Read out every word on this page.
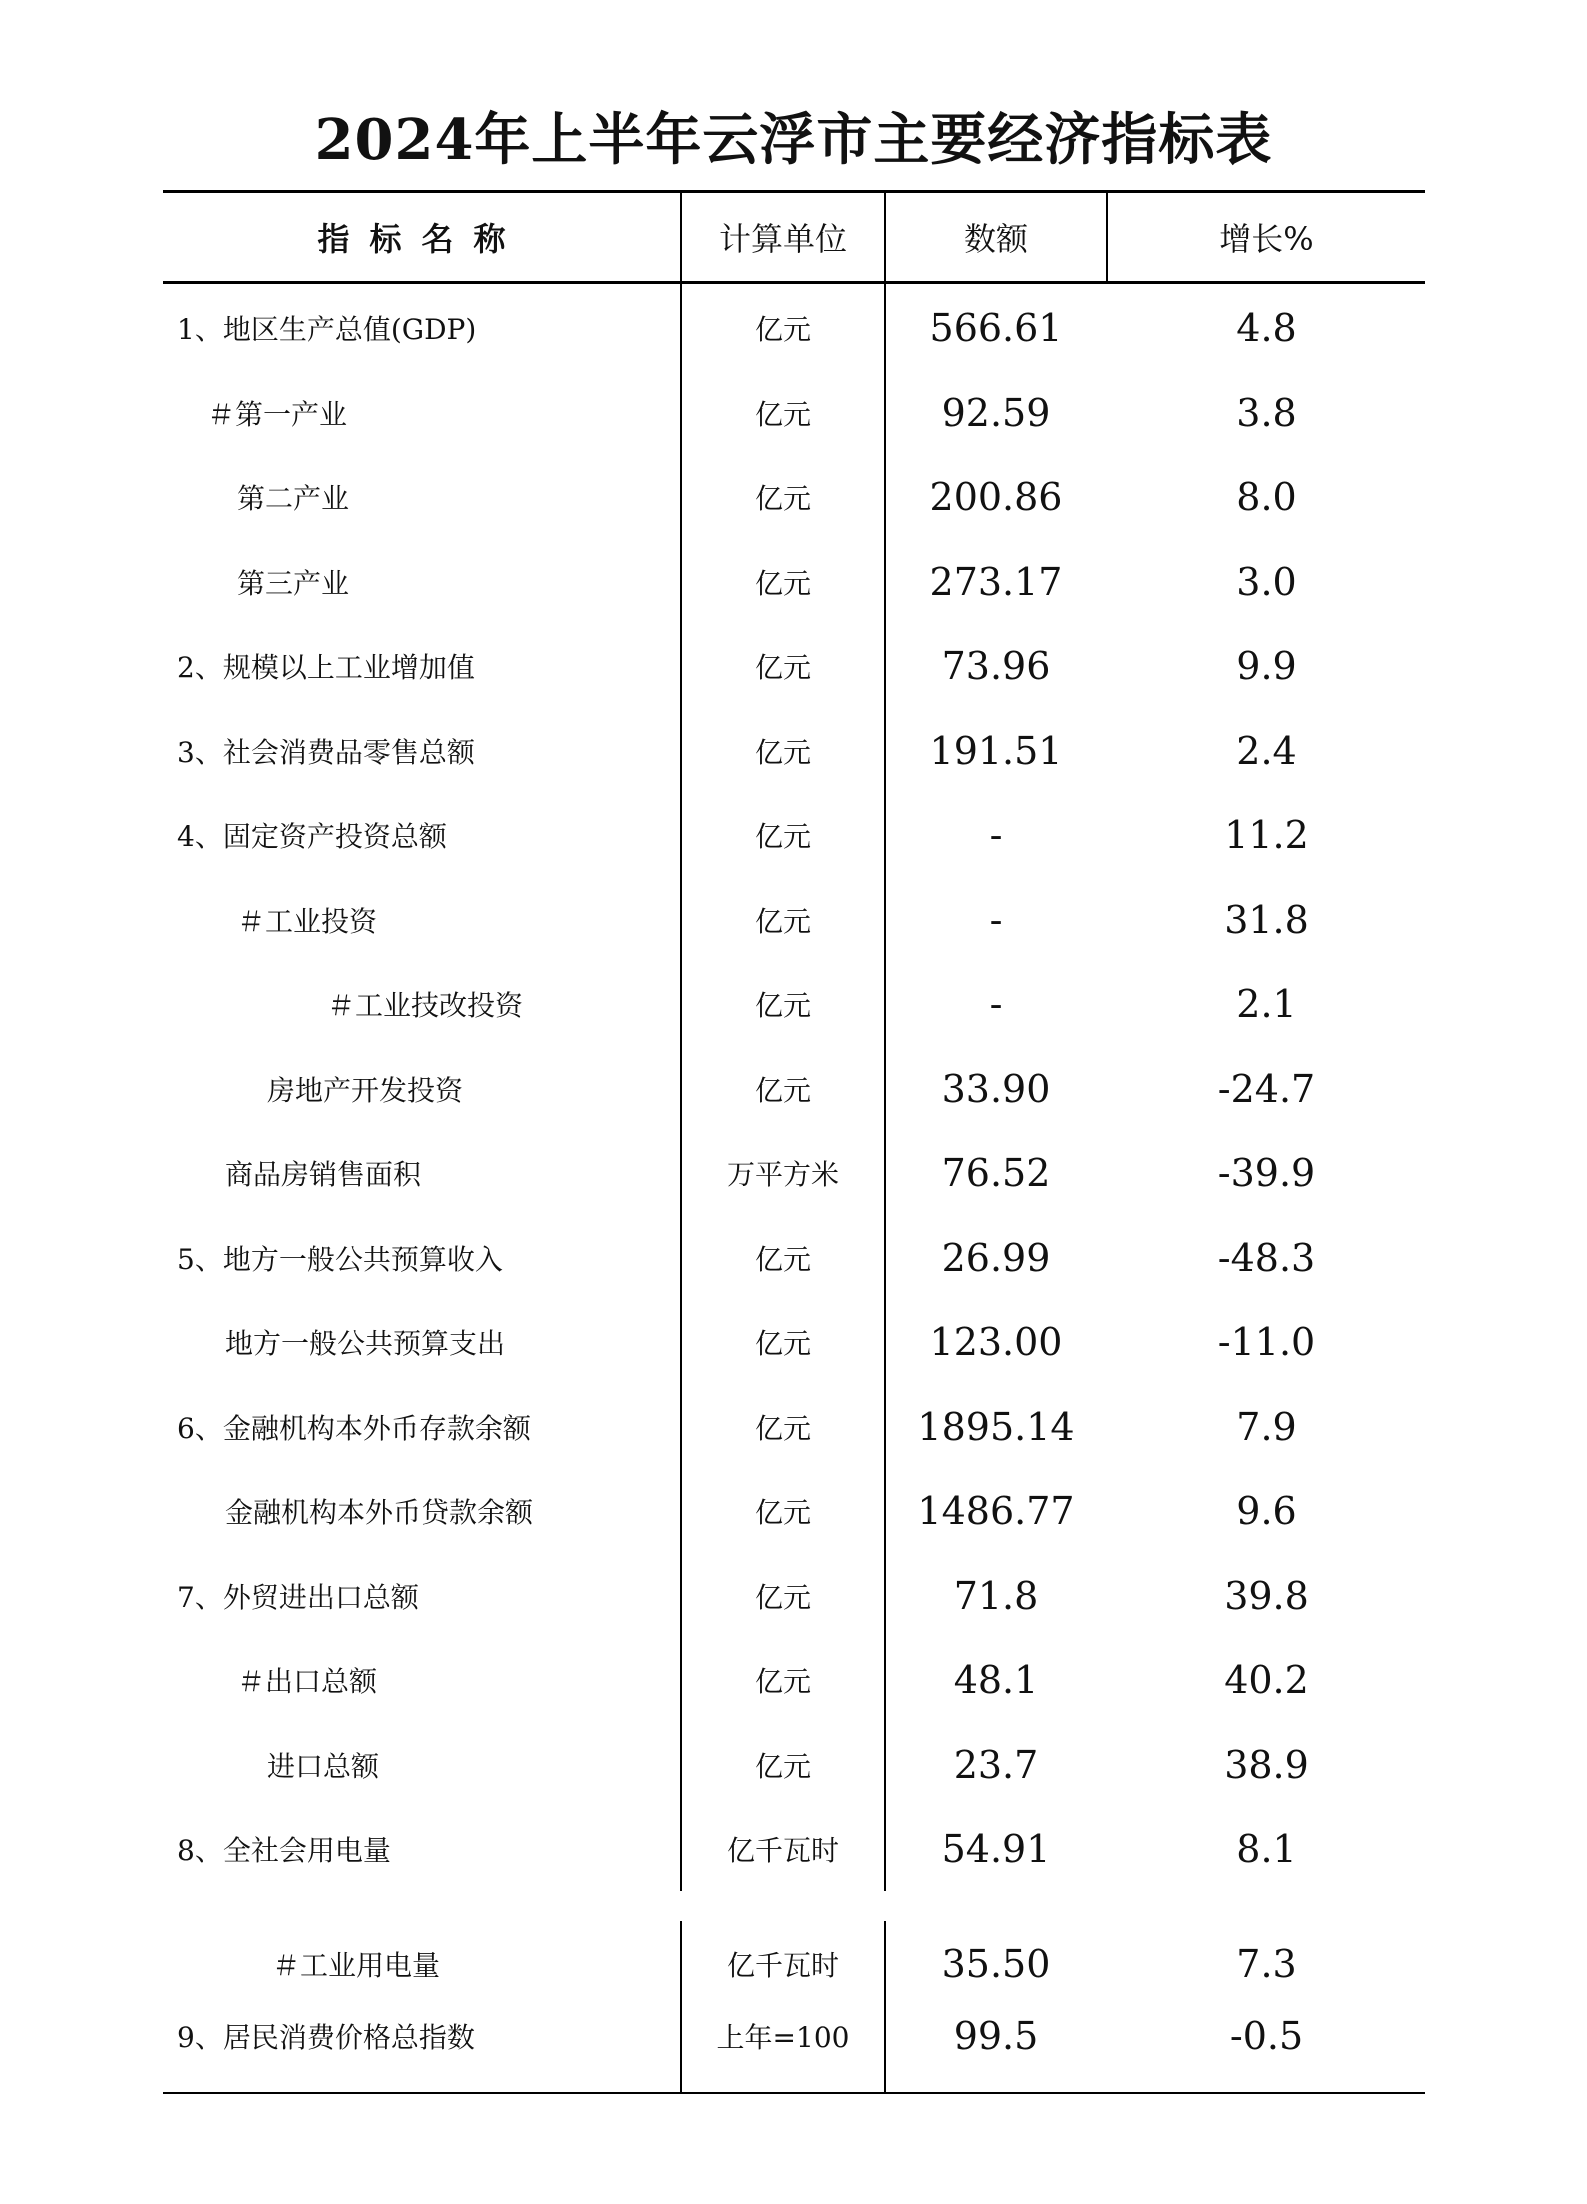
2024年上半年云浮市主要经济指标表
指标名称	计算单位	数额	增长%
1、地区生产总值(GDP)	亿元	566.61	4.8
＃第一产业	亿元	92.59	3.8
第二产业	亿元	200.86	8.0
第三产业	亿元	273.17	3.0
2、规模以上工业增加值	亿元	73.96	9.9
3、社会消费品零售总额	亿元	191.51	2.4
4、固定资产投资总额	亿元	-	11.2
＃工业投资	亿元	-	31.8
＃工业技改投资	亿元	-	2.1
房地产开发投资	亿元	33.90	-24.7
商品房销售面积	万平方米	76.52	-39.9
5、地方一般公共预算收入	亿元	26.99	-48.3
地方一般公共预算支出	亿元	123.00	-11.0
6、金融机构本外币存款余额	亿元	1895.14	7.9
金融机构本外币贷款余额	亿元	1486.77	9.6
7、外贸进出口总额	亿元	71.8	39.8
＃出口总额	亿元	48.1	40.2
进口总额	亿元	23.7	38.9
8、全社会用电量	亿千瓦时	54.91	8.1
＃工业用电量	亿千瓦时	35.50	7.3
9、居民消费价格总指数	上年=100	99.5	-0.5
